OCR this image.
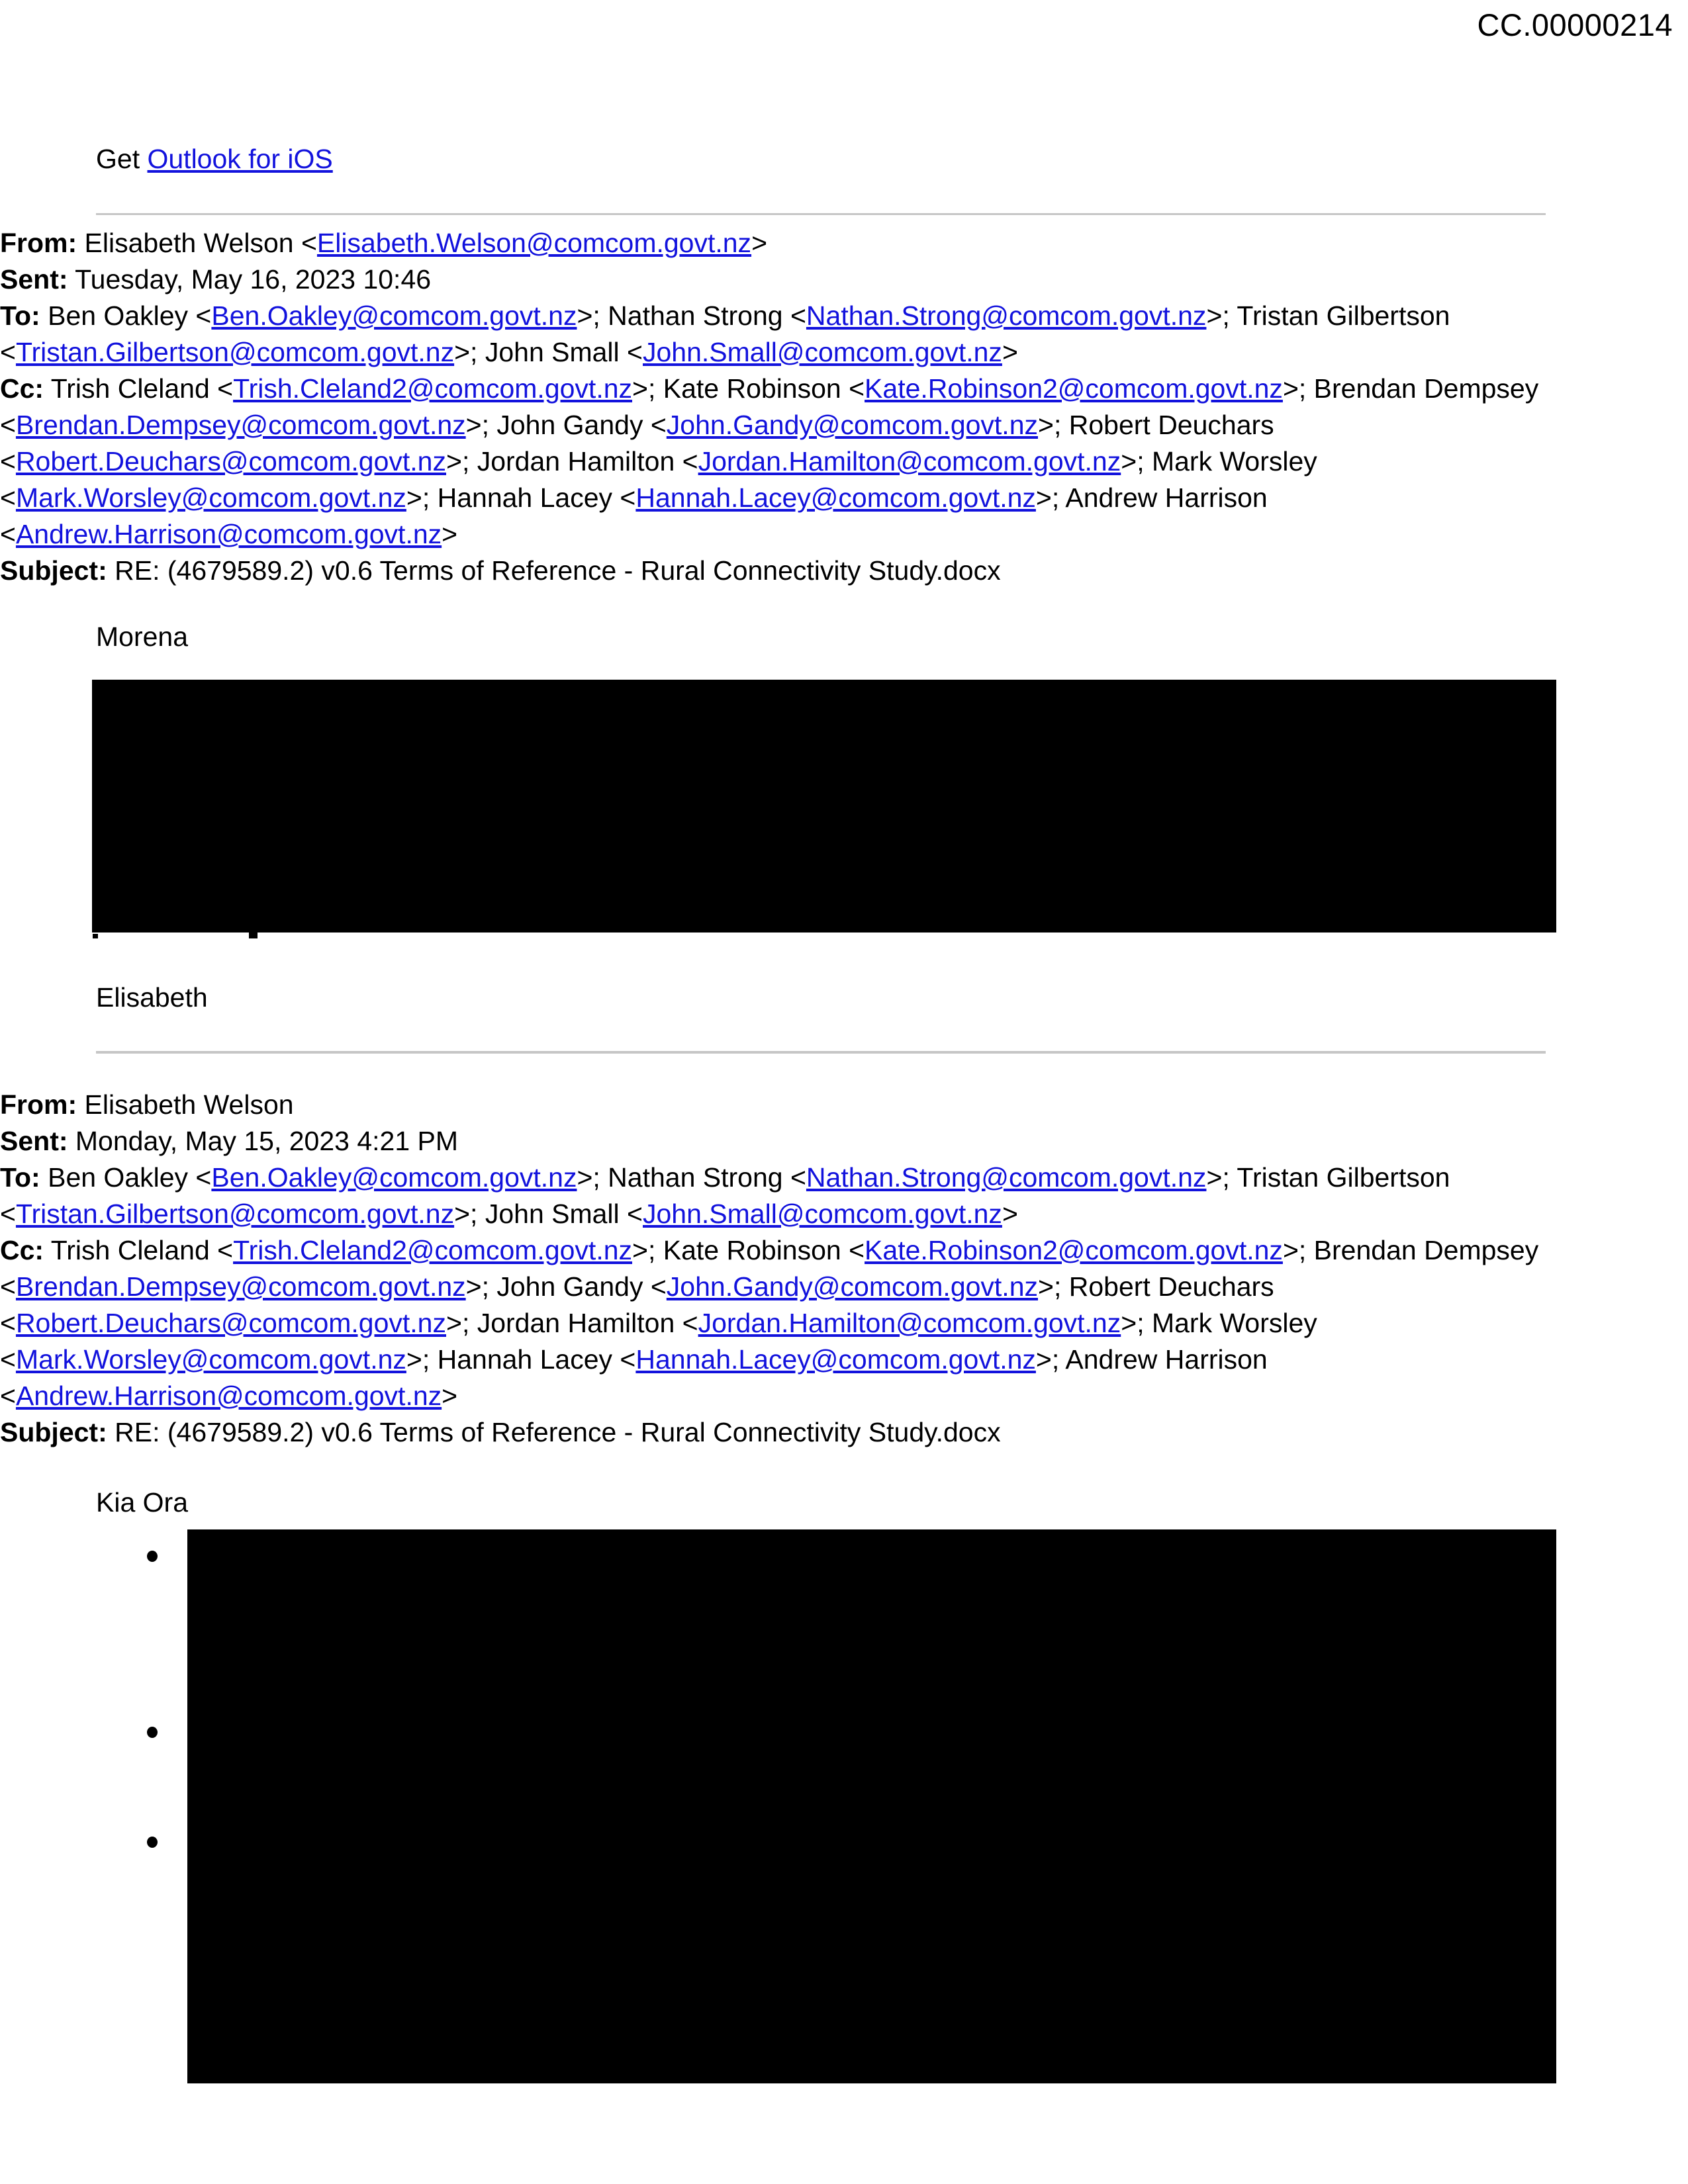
CC.00000214
Get Outlook for iOS

From: Elisabeth Welson <Elisabeth.Welson@comcom.govt.nz>

Sent: Tuesday, May 16, 2023 10:46

To: Ben Oakley <Ben.Oakley@comcom.govt.nz>; Nathan Strong <Nathan.Strong@comcom.govt.nz>; Tristan Gilbertson <Tristan.Gilbertson@comcom.govt.nz>; John Small <John.Small@comcom.govt.nz>

Cc: Trish Cleland <Trish.Cleland2@comcom.govt.nz>; Kate Robinson <Kate.Robinson2@comcom.govt.nz>; Brendan Dempsey <Brendan.Dempsey@comcom.govt.nz>; John Gandy <John.Gandy@comcom.govt.nz>; Robert Deuchars <Robert.Deuchars@comcom.govt.nz>; Jordan Hamilton <Jordan.Hamilton@comcom.govt.nz>; Mark Worsley <Mark.Worsley@comcom.govt.nz>; Hannah Lacey <Hannah.Lacey@comcom.govt.nz>; Andrew Harrison <Andrew.Harrison@comcom.govt.nz>

Subject: RE: (4679589.2) v0.6 Terms of Reference - Rural Connectivity Study.docx

Morena
Elisabeth

From: Elisabeth Welson

Sent: Monday, May 15, 2023 4:21 PM

To: Ben Oakley <Ben.Oakley@comcom.govt.nz>; Nathan Strong <Nathan.Strong@comcom.govt.nz>; Tristan Gilbertson <Tristan.Gilbertson@comcom.govt.nz>; John Small <John.Small@comcom.govt.nz>

Cc: Trish Cleland <Trish.Cleland2@comcom.govt.nz>; Kate Robinson <Kate.Robinson2@comcom.govt.nz>; Brendan Dempsey <Brendan.Dempsey@comcom.govt.nz>; John Gandy <John.Gandy@comcom.govt.nz>; Robert Deuchars <Robert.Deuchars@comcom.govt.nz>; Jordan Hamilton <Jordan.Hamilton@comcom.govt.nz>; Mark Worsley <Mark.Worsley@comcom.govt.nz>; Hannah Lacey <Hannah.Lacey@comcom.govt.nz>; Andrew Harrison <Andrew.Harrison@comcom.govt.nz>

Subject: RE: (4679589.2) v0.6 Terms of Reference - Rural Connectivity Study.docx

Kia Ora
